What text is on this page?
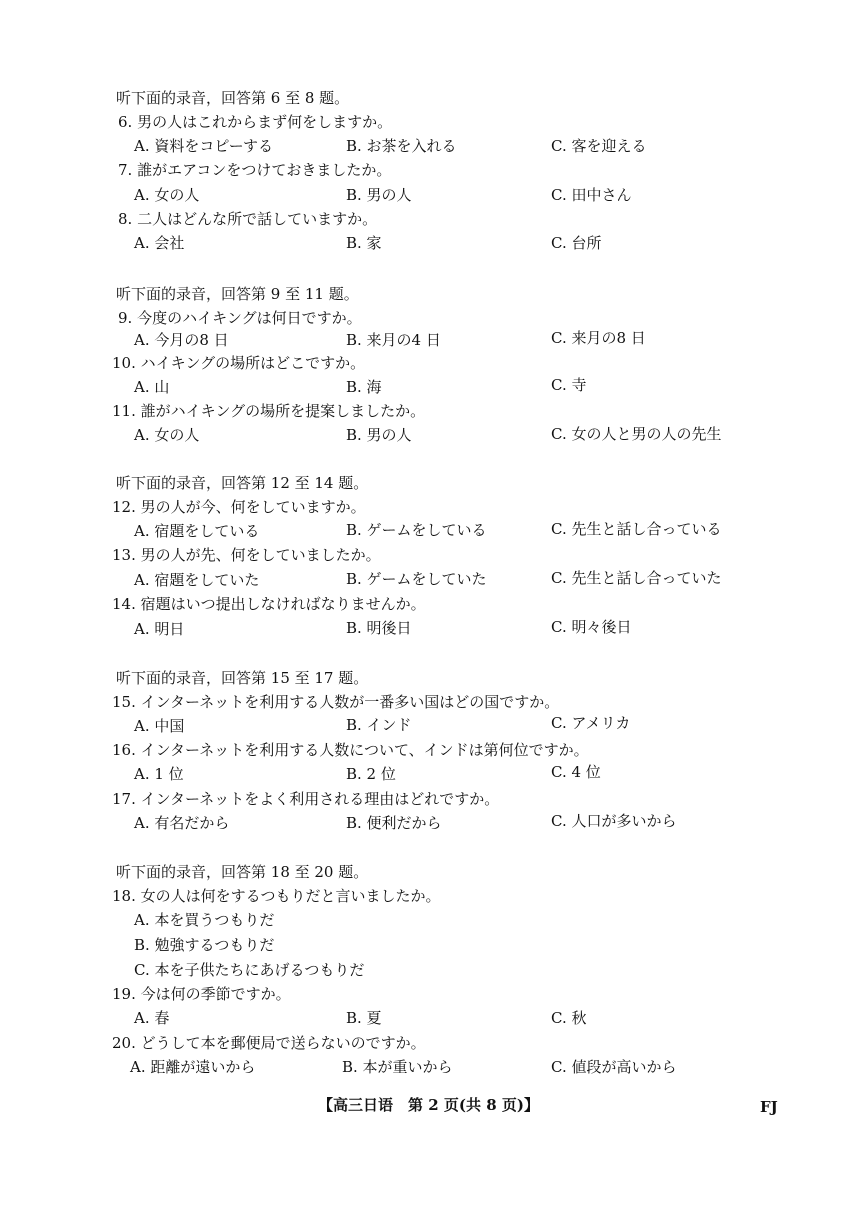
听下面的录音，回答第 6 至 8 题。
6. 男の人はこれからまず何をしますか。
A. 資料をコピーする	B. お茶を入れる	C. 客を迎える
7. 誰がエアコンをつけておきましたか。
A. 女の人	B. 男の人	C. 田中さん
8. 二人はどんな所で話していますか。
A. 会社	B. 家	C. 台所
听下面的录音，回答第 9 至 11 题。
9. 今度のハイキングは何日ですか。
A. 今月の8 日	B. 来月の4 日	C. 来月の8 日
10. ハイキングの場所はどこですか。
A. 山	B. 海	C. 寺
11. 誰がハイキングの場所を提案しましたか。
A. 女の人	B. 男の人	C. 女の人と男の人の先生
听下面的录音，回答第 12 至 14 题。
12. 男の人が今、何をしていますか。
A. 宿題をしている	B. ゲームをしている	C. 先生と話し合っている
13. 男の人が先、何をしていましたか。
A. 宿題をしていた	B. ゲームをしていた	C. 先生と話し合っていた
14. 宿題はいつ提出しなければなりませんか。
A. 明日	B. 明後日	C. 明々後日
听下面的录音，回答第 15 至 17 题。
15. インターネットを利用する人数が一番多い国はどの国ですか。
A. 中国	B. インド	C. アメリカ
16. インターネットを利用する人数について、インドは第何位ですか。
A. 1 位	B. 2 位	C. 4 位
17. インターネットをよく利用される理由はどれですか。
A. 有名だから	B. 便利だから	C. 人口が多いから
听下面的录音，回答第 18 至 20 题。
18. 女の人は何をするつもりだと言いましたか。
A. 本を買うつもりだ
B. 勉強するつもりだ
C. 本を子供たちにあげるつもりだ
19. 今は何の季節ですか。
A. 春	B. 夏	C. 秋
20. どうして本を郵便局で送らないのですか。
A. 距離が遠いから	B. 本が重いから	C. 値段が高いから
【高三日语　第 2 页(共 8 页)】	FJ
